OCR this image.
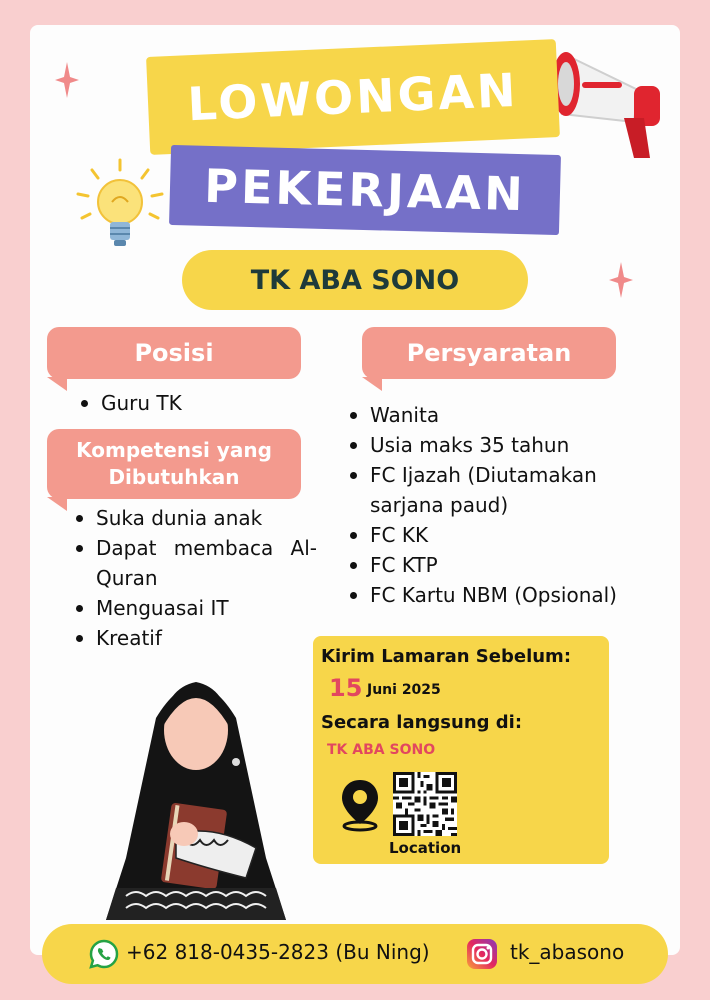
LOWONGAN
PEKERJAAN
TK ABA SONO
Posisi
Guru TK
Kompetensi yang
Dibutuhkan
Suka dunia anak
Dapat membaca Al-Quran
Menguasai IT
Kreatif
Persyaratan
Wanita
Usia maks 35 tahun
FC Ijazah (Diutamakan sarjana paud)
FC KK
FC KTP
FC Kartu NBM (Opsional)
Kirim Lamaran Sebelum:
15 Juni 2025
Secara langsung di:
TK ABA SONO
Location
+62 818-0435-2823 (Bu Ning)	tk_abasono
